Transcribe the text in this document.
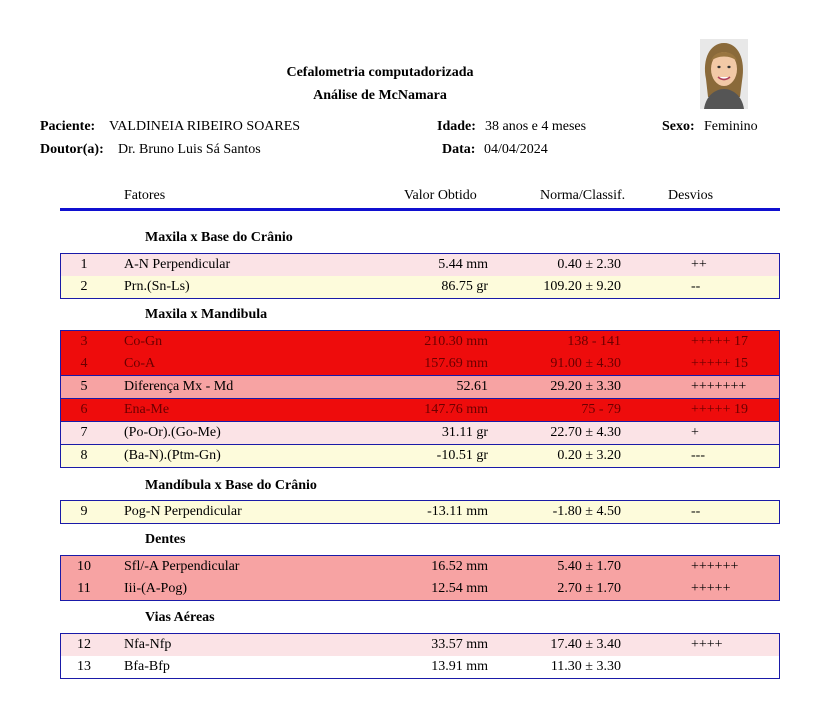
Cefalometria computadorizada
Análise de McNamara
Paciente: VALDINEIA RIBEIRO SOARES	Idade: 38 anos e 4 meses	Sexo: Feminino
Doutor(a): Dr. Bruno Luis Sá Santos	Data: 04/04/2024
Fatores	Valor Obtido	Norma/Classif.	Desvios
Maxila x Base do Crânio
Maxila x Mandibula
Mandíbula x Base do Crânio
Dentes
Vias Aéreas
1	A-N Perpendicular	5.44 mm	0.40 ± 2.30	++
2	Prn.(Sn-Ls)	86.75 gr	109.20 ± 9.20	--
3	Co-Gn	210.30 mm	138 - 141	+++++ 17
4	Co-A	157.69 mm	91.00 ± 4.30	+++++ 15
5	Diferença Mx - Md	52.61	29.20 ± 3.30	+++++++
6	Ena-Me	147.76 mm	75 - 79	+++++ 19
7	(Po-Or).(Go-Me)	31.11 gr	22.70 ± 4.30	+
8	(Ba-N).(Ptm-Gn)	-10.51 gr	0.20 ± 3.20	---
9	Pog-N Perpendicular	-13.11 mm	-1.80 ± 4.50	--
10	Sfl/-A Perpendicular	16.52 mm	5.40 ± 1.70	++++++
11	Iii-(A-Pog)	12.54 mm	2.70 ± 1.70	+++++
12	Nfa-Nfp	33.57 mm	17.40 ± 3.40	++++
13	Bfa-Bfp	13.91 mm	11.30 ± 3.30
